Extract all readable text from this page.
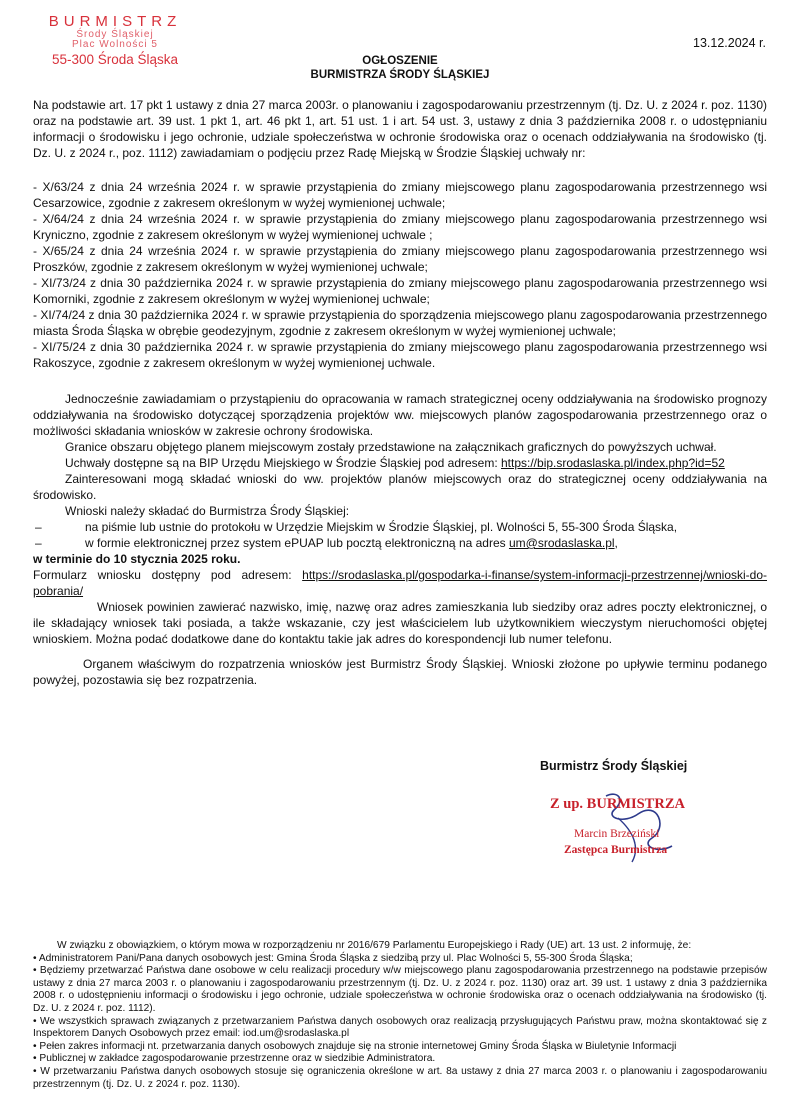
BURMISTRZ
Środy Śląskiej
Plac Wolności 5
55-300 Środa Śląska
13.12.2024 r.
OGŁOSZENIE
BURMISTRZA ŚRODY ŚLĄSKIEJ

Na podstawie art. 17 pkt 1 ustawy z dnia 27 marca 2003r. o planowaniu i zagospodarowaniu przestrzennym (tj. Dz. U. z 2024 r. poz. 1130) oraz na podstawie art. 39 ust. 1 pkt 1, art. 46 pkt 1, art. 51 ust. 1 i art. 54 ust. 3, ustawy z dnia 3 października 2008 r. o udostępnianiu informacji o środowisku i jego ochronie, udziale społeczeństwa w ochronie środowiska oraz o ocenach oddziaływania na środowisko (tj. Dz. U. z 2024 r., poz. 1112) zawiadamiam o podjęciu przez Radę Miejską w Środzie Śląskiej uchwały nr:

- X/63/24 z dnia 24 września 2024 r. w sprawie przystąpienia do zmiany miejscowego planu zagospodarowania przestrzennego wsi Cesarzowice, zgodnie z zakresem określonym w wyżej wymienionej uchwale;

- X/64/24 z dnia 24 września 2024 r. w sprawie przystąpienia do zmiany miejscowego planu zagospodarowania przestrzennego wsi Kryniczno, zgodnie z zakresem określonym w wyżej wymienionej uchwale ;

- X/65/24 z dnia 24 września 2024 r. w sprawie przystąpienia do zmiany miejscowego planu zagospodarowania przestrzennego wsi Proszków, zgodnie z zakresem określonym w wyżej wymienionej uchwale;

- XI/73/24 z dnia 30 października 2024 r. w sprawie przystąpienia do zmiany miejscowego planu zagospodarowania przestrzennego wsi Komorniki, zgodnie z zakresem określonym w wyżej wymienionej uchwale;

- XI/74/24 z dnia 30 października 2024 r. w sprawie przystąpienia do sporządzenia miejscowego planu zagospodarowania przestrzennego miasta Środa Śląska w obrębie geodezyjnym, zgodnie z zakresem określonym w wyżej wymienionej uchwale;

- XI/75/24 z dnia 30 października 2024 r. w sprawie przystąpienia do zmiany miejscowego planu zagospodarowania przestrzennego wsi Rakoszyce, zgodnie z zakresem określonym w wyżej wymienionej uchwale.

Jednocześnie zawiadamiam o przystąpieniu do opracowania w ramach strategicznej oceny oddziaływania na środowisko prognozy oddziaływania na środowisko dotyczącej sporządzenia projektów ww. miejscowych planów zagospodarowania przestrzennego oraz o możliwości składania wniosków w zakresie ochrony środowiska.

Granice obszaru objętego planem miejscowym zostały przedstawione na załącznikach graficznych do powyższych uchwał.

Uchwały dostępne są na BIP Urzędu Miejskiego w Środzie Śląskiej pod adresem: https://bip.srodaslaska.pl/index.php?id=52

Zainteresowani mogą składać wnioski do ww. projektów planów miejscowych oraz do strategicznej oceny oddziaływania na środowisko.

Wnioski należy składać do Burmistrza Środy Śląskiej:

–	na piśmie lub ustnie do protokołu w Urzędzie Miejskim w Środzie Śląskiej, pl. Wolności 5, 55-300 Środa Śląska,
–	w formie elektronicznej przez system ePUAP lub pocztą elektroniczną na adres um@srodaslaska.pl,

w terminie do 10 stycznia 2025 roku.

Formularz wniosku dostępny pod adresem: https://srodaslaska.pl/gospodarka-i-finanse/system-informacji-przestrzennej/wnioski-do-pobrania/

Wniosek powinien zawierać nazwisko, imię, nazwę oraz adres zamieszkania lub siedziby oraz adres poczty elektronicznej, o ile składający wniosek taki posiada, a także wskazanie, czy jest właścicielem lub użytkownikiem wieczystym nieruchomości objętej wnioskiem. Można podać dodatkowe dane do kontaktu takie jak adres do korespondencji lub numer telefonu.

Organem właściwym do rozpatrzenia wniosków jest Burmistrz Środy Śląskiej. Wnioski złożone po upływie terminu podanego powyżej, pozostawia się bez rozpatrzenia.

Burmistrz Środy Śląskiej
Z up. BURMISTRZA
Marcin Brzeziński
Zastępca Burmistrza

W związku z obowiązkiem, o którym mowa w rozporządzeniu nr 2016/679 Parlamentu Europejskiego i Rady (UE) art. 13 ust. 2 informuję, że:

• Administratorem Pani/Pana danych osobowych jest: Gmina Środa Śląska z siedzibą przy ul. Plac Wolności 5, 55-300 Środa Śląska;

• Będziemy przetwarzać Państwa dane osobowe w celu realizacji procedury w/w miejscowego planu zagospodarowania przestrzennego na podstawie przepisów ustawy z dnia 27 marca 2003 r. o planowaniu i zagospodarowaniu przestrzennym (tj. Dz. U. z 2024 r. poz. 1130) oraz art. 39 ust. 1 ustawy z dnia 3 października 2008 r. o udostępnieniu informacji o środowisku i jego ochronie, udziale społeczeństwa w ochronie środowiska oraz o ocenach oddziaływania na środowisko (tj. Dz. U. z 2024 r. poz. 1112).

• We wszystkich sprawach związanych z przetwarzaniem Państwa danych osobowych oraz realizacją przysługujących Państwu praw, można skontaktować się z Inspektorem Danych Osobowych przez email: iod.um@srodaslaska.pl

• Pełen zakres informacji nt. przetwarzania danych osobowych znajduje się na stronie internetowej Gminy Środa Śląska w Biuletynie Informacji

• Publicznej w zakładce zagospodarowanie przestrzenne oraz w siedzibie Administratora.

• W przetwarzaniu Państwa danych osobowych stosuje się ograniczenia określone w art. 8a ustawy z dnia 27 marca 2003 r. o planowaniu i zagospodarowaniu przestrzennym (tj. Dz. U. z 2024 r. poz. 1130).
